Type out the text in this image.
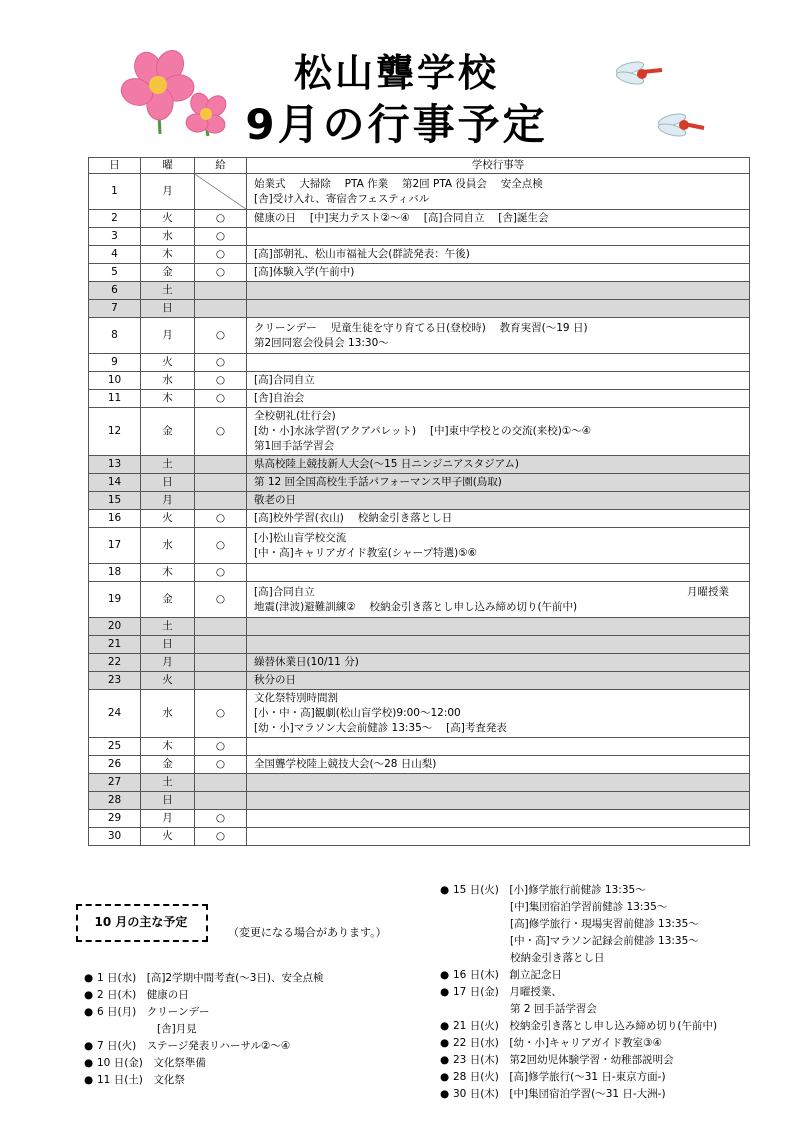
松山聾学校
9月の行事予定
日	曜	給	学校行事等
1	月		始業式　 大掃除　 PTA 作業　 第2回 PTA 役員会　 安全点検
[舎]受け入れ、寄宿舎フェスティバル

2	火	○	健康の日　 [中]実力テスト②～④　 [高]合同自立　 [舎]誕生会

3	水	○	
4	木	○	[高]部朝礼、松山市福祉大会(群読発表：午後)

5	金	○	[高]体験入学(午前中)

6	土		
7	日		
8	月	○	クリーンデー　 児童生徒を守り育てる日(登校時)　 教育実習(～19 日)
第2回同窓会役員会 13:30～

9	火	○	
10	水	○	[高]合同自立

11	木	○	[舎]自治会

12	金	○	全校朝礼(壮行会)
[幼・小]水泳学習(アクアパレット)　 [中]東中学校との交流(来校)①～④
第1回手話学習会

13	土		県高校陸上競技新人大会(～15 日ニンジニアスタジアム)

14	日		第 12 回全国高校生手話パフォーマンス甲子園(鳥取)

15	月		敬老の日

16	火	○	[高]校外学習(衣山)　 校納金引き落とし日

17	水	○	[小]松山盲学校交流
[中・高]キャリアガイド教室(シャープ特選)⑤⑥

18	木	○	
19	金	○	月曜授業
[高]合同自立
地震(津波)避難訓練②　 校納金引き落とし申し込み締め切り(午前中)

20	土		
21	日		
22	月		繰替休業日(10/11 分)

23	火		秋分の日

24	水	○	文化祭特別時間割
[小・中・高]観劇(松山盲学校)9:00～12:00
[幼・小]マラソン大会前健診 13:35～　 [高]考査発表

25	木	○	
26	金	○	全国聾学校陸上競技大会(～28 日山梨)

27	土		
28	日		
29	月	○	
30	火	○	
10 月の主な予定
（変更になる場合があります。）
● 1 日(水)　 [高]2学期中間考査(～3日)、安全点検
● 2 日(木)　 健康の日
● 6 日(月)　 クリーンデー
[舎]月見
● 7 日(火)　 ステージ発表リハーサル②～④
● 10 日(金)　 文化祭準備
● 11 日(土)　 文化祭
● 15 日(火)　 [小]修学旅行前健診 13:35～
[中]集団宿泊学習前健診 13:35～
[高]修学旅行・現場実習前健診 13:35～
[中・高]マラソン記録会前健診 13:35～
校納金引き落とし日
● 16 日(木)　 創立記念日
● 17 日(金)　 月曜授業、
第 2 回手話学習会
● 21 日(火)　 校納金引き落とし申し込み締め切り(午前中)
● 22 日(水)　 [幼・小]キャリアガイド教室③④
● 23 日(木)　 第2回幼児体験学習・幼稚部説明会
● 28 日(火)　 [高]修学旅行(～31 日-東京方面-)
● 30 日(木)　 [中]集団宿泊学習(～31 日-大洲-)
